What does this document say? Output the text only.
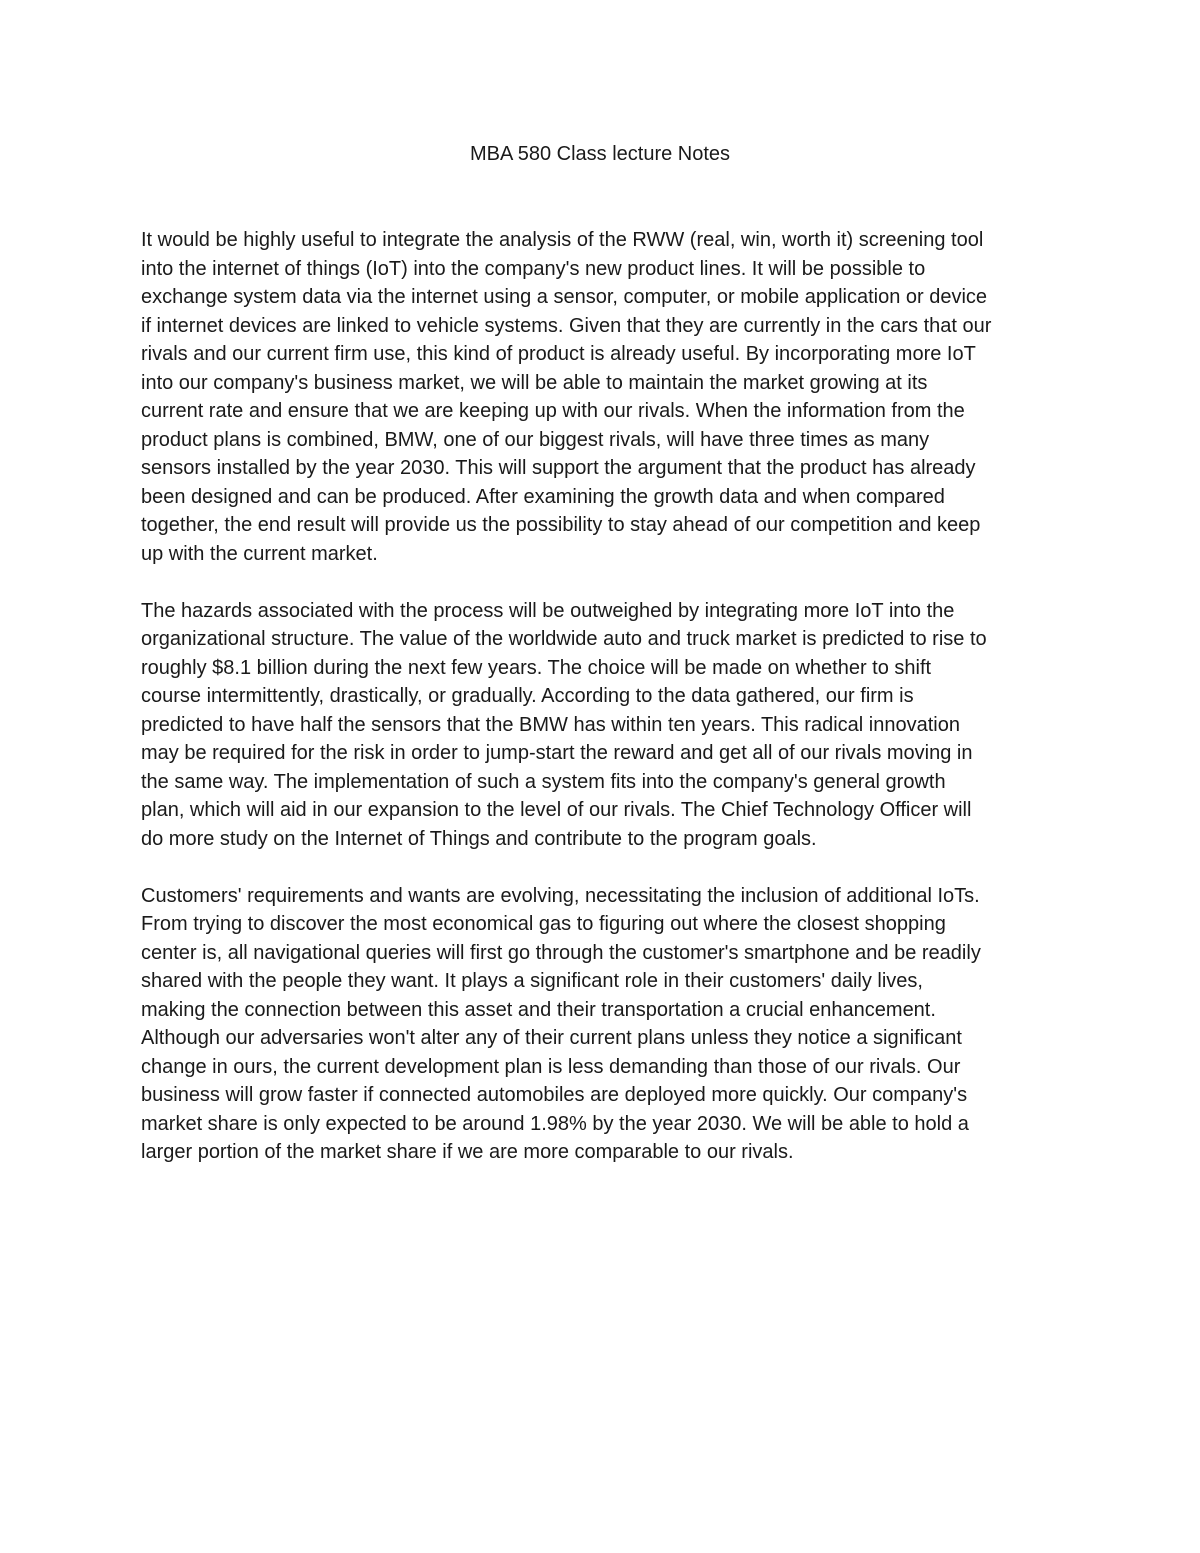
MBA 580 Class lecture Notes

It would be highly useful to integrate the analysis of the RWW (real, win, worth it) screening tool
into the internet of things (IoT) into the company's new product lines. It will be possible to
exchange system data via the internet using a sensor, computer, or mobile application or device
if internet devices are linked to vehicle systems. Given that they are currently in the cars that our
rivals and our current firm use, this kind of product is already useful. By incorporating more IoT
into our company's business market, we will be able to maintain the market growing at its
current rate and ensure that we are keeping up with our rivals. When the information from the
product plans is combined, BMW, one of our biggest rivals, will have three times as many
sensors installed by the year 2030. This will support the argument that the product has already
been designed and can be produced. After examining the growth data and when compared
together, the end result will provide us the possibility to stay ahead of our competition and keep
up with the current market.

The hazards associated with the process will be outweighed by integrating more IoT into the
organizational structure. The value of the worldwide auto and truck market is predicted to rise to
roughly $8.1 billion during the next few years. The choice will be made on whether to shift
course intermittently, drastically, or gradually. According to the data gathered, our firm is
predicted to have half the sensors that the BMW has within ten years. This radical innovation
may be required for the risk in order to jump-start the reward and get all of our rivals moving in
the same way. The implementation of such a system fits into the company's general growth
plan, which will aid in our expansion to the level of our rivals. The Chief Technology Officer will
do more study on the Internet of Things and contribute to the program goals.

Customers' requirements and wants are evolving, necessitating the inclusion of additional IoTs.
From trying to discover the most economical gas to figuring out where the closest shopping
center is, all navigational queries will first go through the customer's smartphone and be readily
shared with the people they want. It plays a significant role in their customers' daily lives,
making the connection between this asset and their transportation a crucial enhancement.
Although our adversaries won't alter any of their current plans unless they notice a significant
change in ours, the current development plan is less demanding than those of our rivals. Our
business will grow faster if connected automobiles are deployed more quickly. Our company's
market share is only expected to be around 1.98% by the year 2030. We will be able to hold a
larger portion of the market share if we are more comparable to our rivals.
